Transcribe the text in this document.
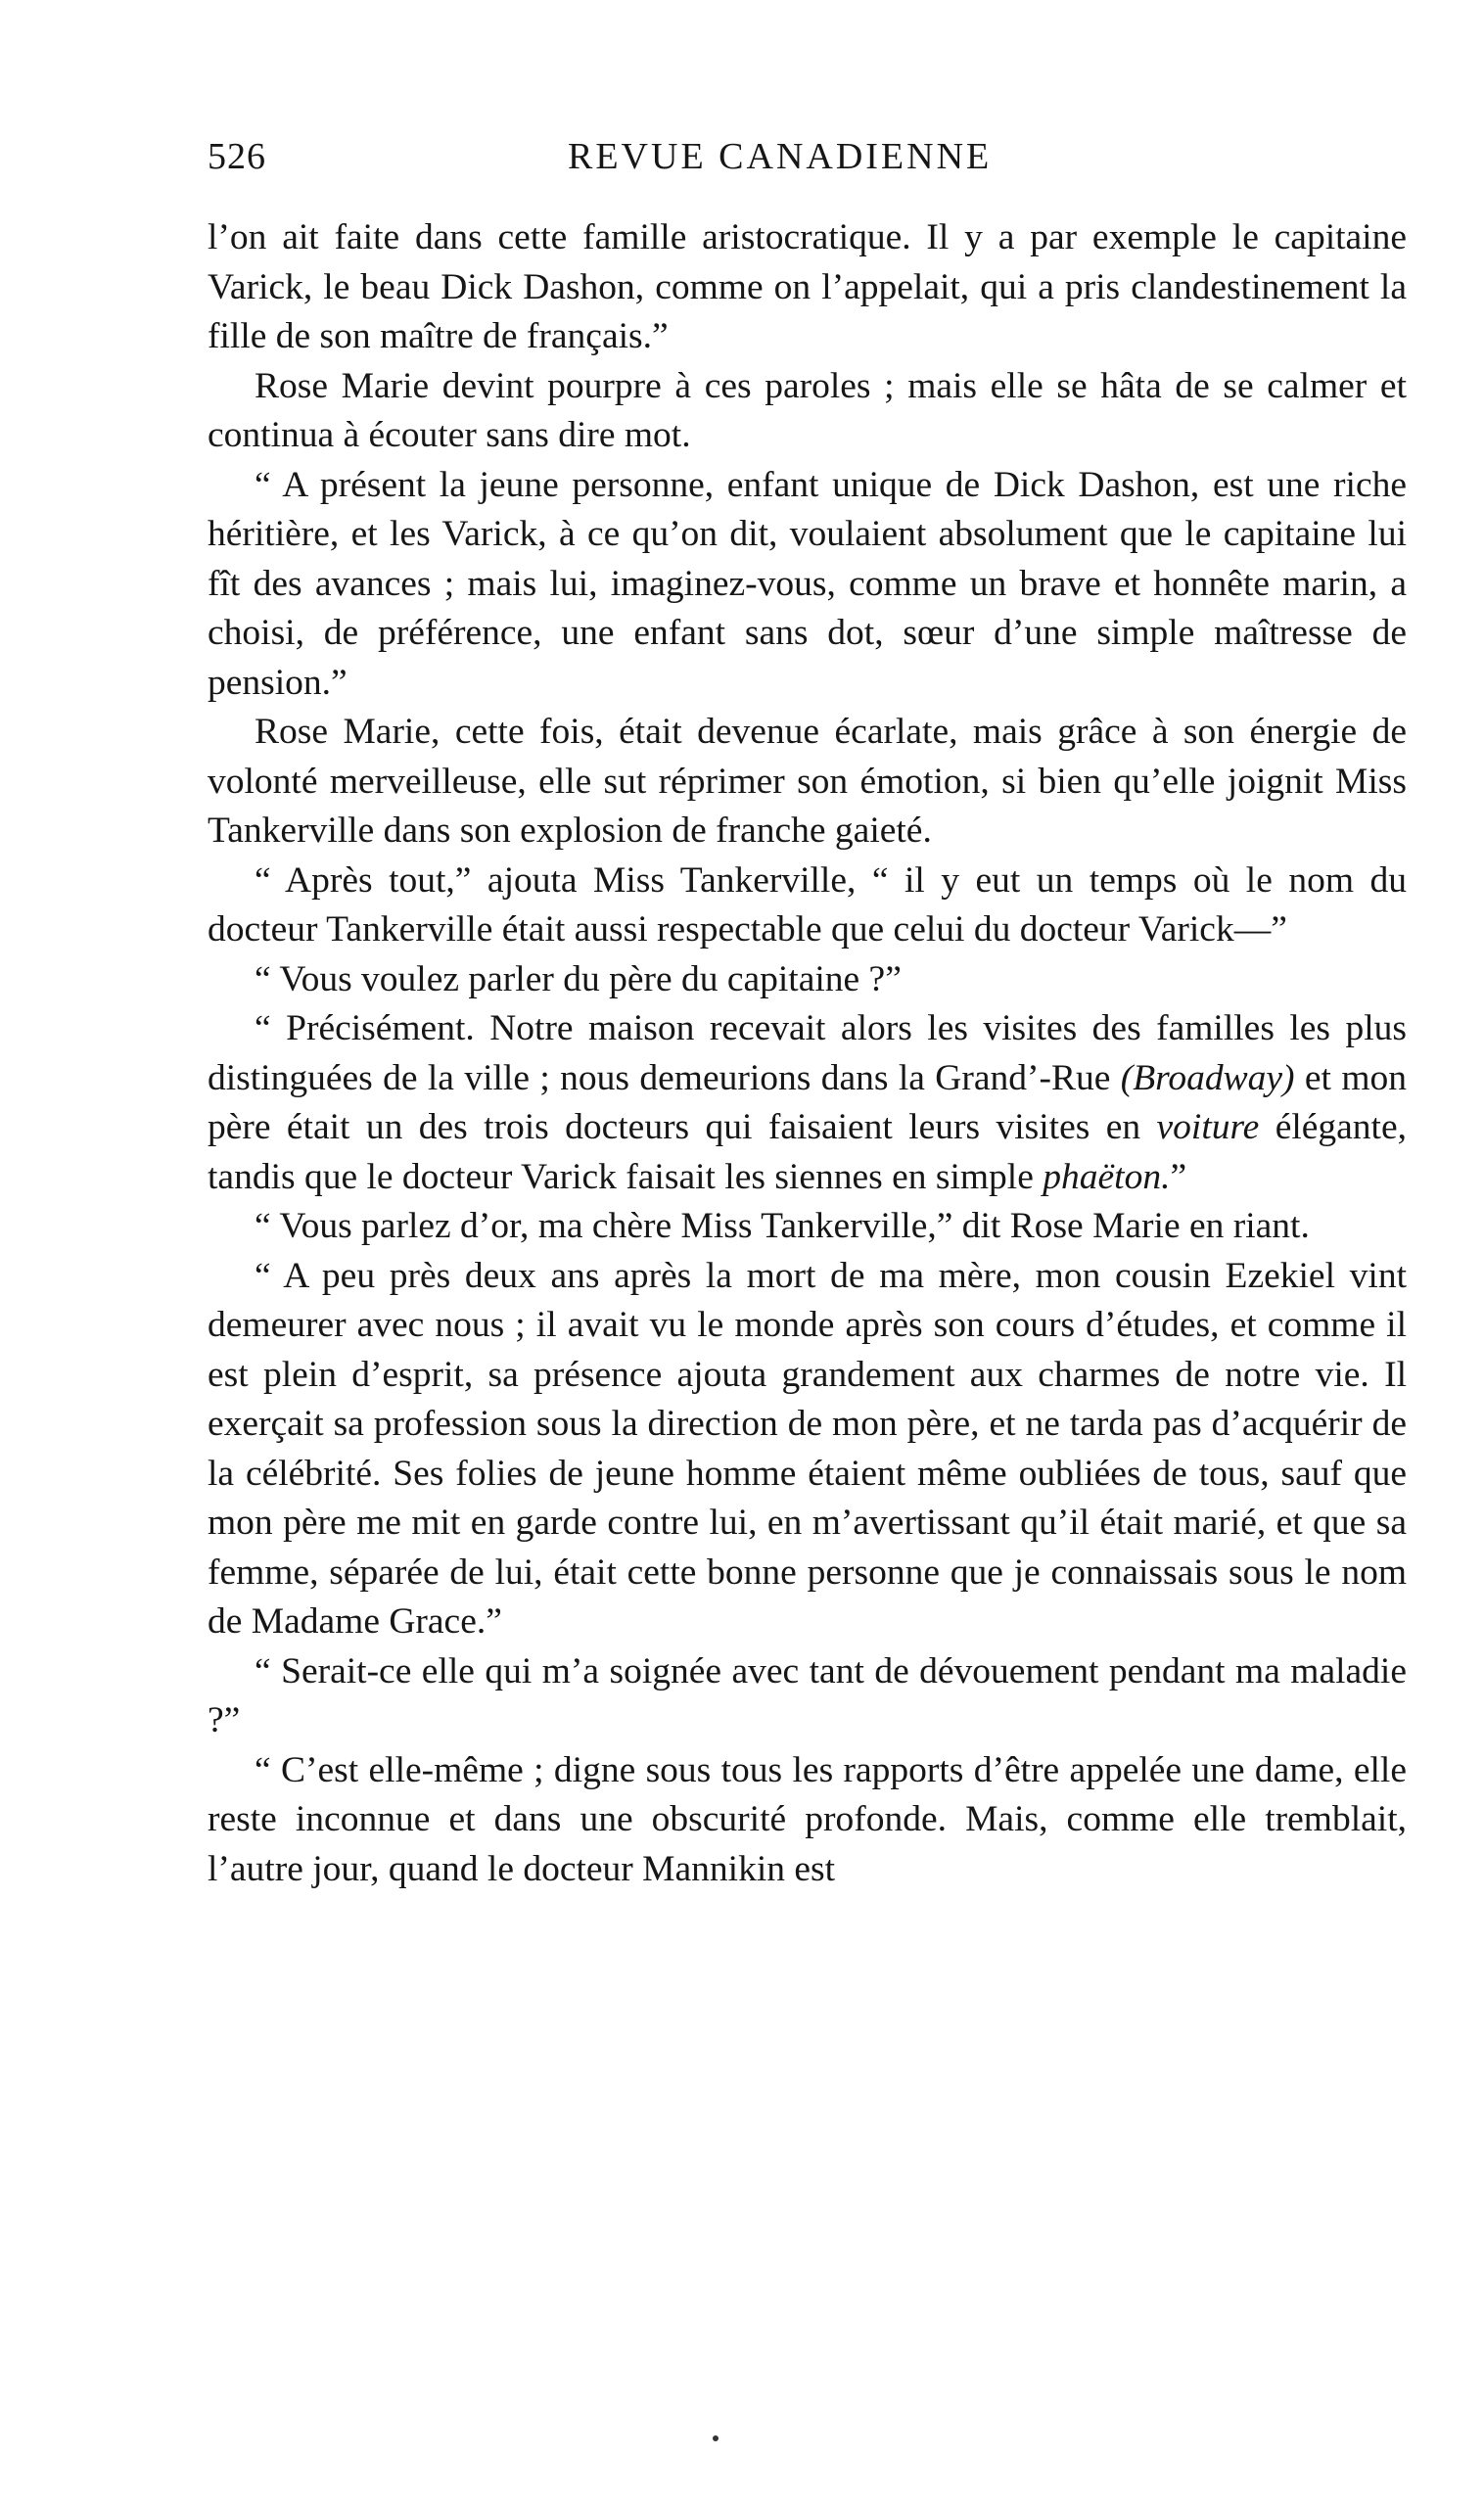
526	REVUE CANADIENNE

l’on ait faite dans cette famille aristocratique. Il y a par exemple le capitaine Varick, le beau Dick Dashon, comme on l’appelait, qui a pris clandestinement la fille de son maître de français.”

Rose Marie devint pourpre à ces paroles ; mais elle se hâta de se calmer et continua à écouter sans dire mot.

“ A présent la jeune personne, enfant unique de Dick Dashon, est une riche héritière, et les Varick, à ce qu’on dit, voulaient absolument que le capitaine lui fît des avances ; mais lui, imaginez-vous, comme un brave et honnête marin, a choisi, de préférence, une enfant sans dot, sœur d’une simple maîtresse de pension.”

Rose Marie, cette fois, était devenue écarlate, mais grâce à son énergie de volonté merveilleuse, elle sut réprimer son émotion, si bien qu’elle joignit Miss Tankerville dans son explosion de franche gaieté.

“ Après tout,” ajouta Miss Tankerville, “ il y eut un temps où le nom du docteur Tankerville était aussi respectable que celui du docteur Varick—”

“ Vous voulez parler du père du capitaine ?”

“ Précisément. Notre maison recevait alors les visites des familles les plus distinguées de la ville ; nous demeurions dans la Grand’-Rue (Broadway) et mon père était un des trois docteurs qui faisaient leurs visites en voiture élégante, tandis que le docteur Varick faisait les siennes en simple phaëton.”

“ Vous parlez d’or, ma chère Miss Tankerville,” dit Rose Marie en riant.

“ A peu près deux ans après la mort de ma mère, mon cousin Ezekiel vint demeurer avec nous ; il avait vu le monde après son cours d’études, et comme il est plein d’esprit, sa présence ajouta grandement aux charmes de notre vie. Il exerçait sa profession sous la direction de mon père, et ne tarda pas d’acquérir de la célébrité. Ses folies de jeune homme étaient même oubliées de tous, sauf que mon père me mit en garde contre lui, en m’avertissant qu’il était marié, et que sa femme, séparée de lui, était cette bonne personne que je connaissais sous le nom de Madame Grace.”

“ Serait-ce elle qui m’a soignée avec tant de dévouement pendant ma maladie ?”

“ C’est elle-même ; digne sous tous les rapports d’être appelée une dame, elle reste inconnue et dans une obscurité profonde. Mais, comme elle tremblait, l’autre jour, quand le docteur Mannikin est
